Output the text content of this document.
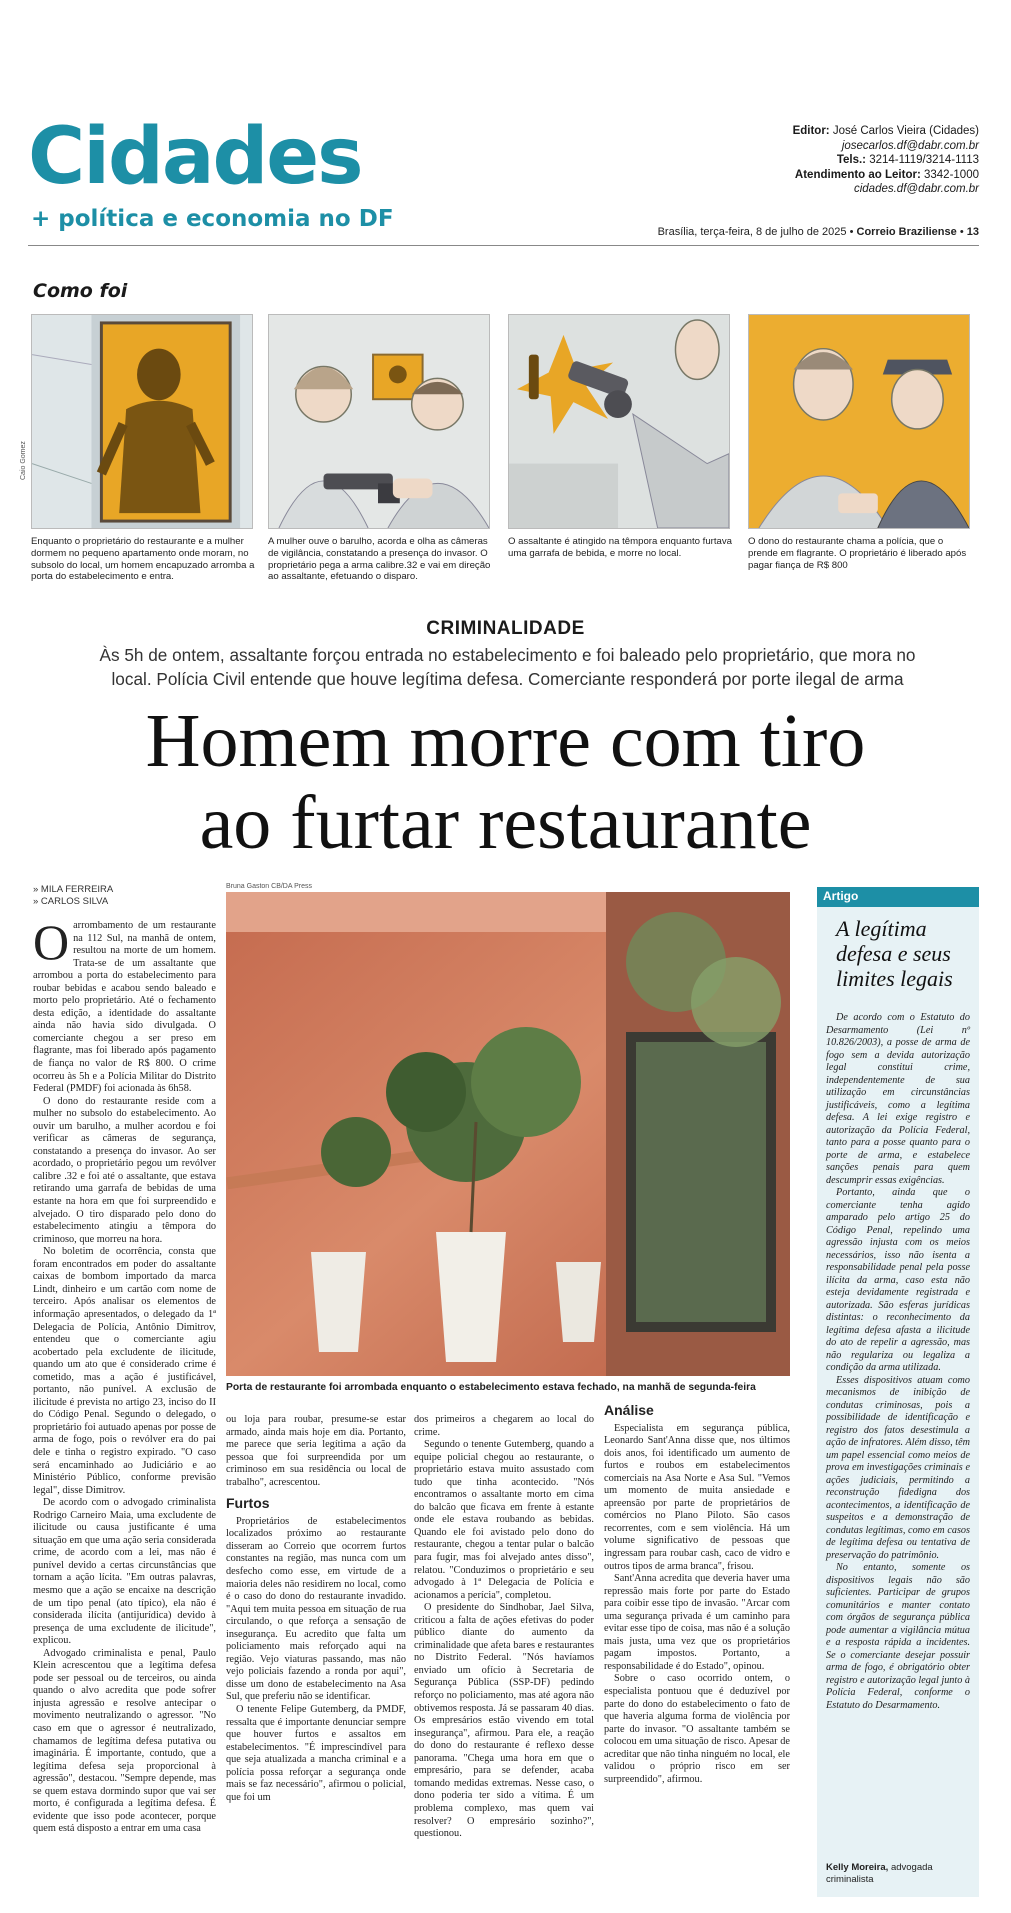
Cidades
+ política e economia no DF
Editor: José Carlos Vieira (Cidades)
josecarlos.df@dabr.com.br
Tels.: 3214-1119/3214-1113
Atendimento ao Leitor: 3342-1000
cidades.df@dabr.com.br
Brasília, terça-feira, 8 de julho de 2025 • Correio Braziliense • 13
Como foi
Caio Gomez
Enquanto o proprietário do restaurante e a mulher dormem no pequeno apartamento onde moram, no subsolo do local, um homem encapuzado arromba a porta do estabelecimento e entra.
A mulher ouve o barulho, acorda e olha as câmeras de vigilância, constatando a presença do invasor. O proprietário pega a arma calibre.32 e vai em direção ao assaltante, efetuando o disparo.
O assaltante é atingido na têmpora enquanto furtava uma garrafa de bebida, e morre no local.
O dono do restaurante chama a polícia, que o prende em flagrante. O proprietário é liberado após pagar fiança de R$ 800
CRIMINALIDADE
Às 5h de ontem, assaltante forçou entrada no estabelecimento e foi baleado pelo proprietário, que mora no local. Polícia Civil entende que houve legítima defesa. Comerciante responderá por porte ilegal de arma
Homem morre com tiro
ao furtar restaurante
» MILA FERREIRA
» CARLOS SILVA
Bruna Gaston CB/DA Press
Porta de restaurante foi arrombada enquanto o estabelecimento estava fechado, na manhã de segunda-feira

Oarrombamento de um restaurante na 112 Sul, na manhã de ontem, resultou na morte de um homem. Trata-se de um assaltante que arrombou a porta do estabelecimento para roubar bebidas e acabou sendo baleado e morto pelo proprietário. Até o fechamento desta edição, a identidade do assaltante ainda não havia sido divulgada. O comerciante chegou a ser preso em flagrante, mas foi liberado após pagamento de fiança no valor de R$ 800. O crime ocorreu às 5h e a Polícia Militar do Distrito Federal (PMDF) foi acionada às 6h58.

O dono do restaurante reside com a mulher no subsolo do estabelecimento. Ao ouvir um barulho, a mulher acordou e foi verificar as câmeras de segurança, constatando a presença do invasor. Ao ser acordado, o proprietário pegou um revólver calibre .32 e foi até o assaltante, que estava retirando uma garrafa de bebidas de uma estante na hora em que foi surpreendido e alvejado. O tiro disparado pelo dono do estabelecimento atingiu a têmpora do criminoso, que morreu na hora.

No boletim de ocorrência, consta que foram encontrados em poder do assaltante caixas de bombom importado da marca Lindt, dinheiro e um cartão com nome de terceiro. Após analisar os elementos de informação apresentados, o delegado da 1ª Delegacia de Polícia, Antônio Dimitrov, entendeu que o comerciante agiu acobertado pela excludente de ilicitude, quando um ato que é considerado crime é cometido, mas a ação é justificável, portanto, não punível. A exclusão de ilicitude é prevista no artigo 23, inciso do II do Código Penal. Segundo o delegado, o proprietário foi autuado apenas por posse de arma de fogo, pois o revólver era do pai dele e tinha o registro expirado. "O caso será encaminhado ao Judiciário e ao Ministério Público, conforme previsão legal", disse Dimitrov.

De acordo com o advogado criminalista Rodrigo Carneiro Maia, uma excludente de ilicitude ou causa justificante é uma situação em que uma ação seria considerada crime, de acordo com a lei, mas não é punível devido a certas circunstâncias que tornam a ação lícita. "Em outras palavras, mesmo que a ação se encaixe na descrição de um tipo penal (ato típico), ela não é considerada ilícita (antijurídica) devido à presença de uma excludente de ilicitude", explicou.

Advogado criminalista e penal, Paulo Klein acrescentou que a legítima defesa pode ser pessoal ou de terceiros, ou ainda quando o alvo acredita que pode sofrer injusta agressão e resolve antecipar o movimento neutralizando o agressor. "No caso em que o agressor é neutralizado, chamamos de legítima defesa putativa ou imaginária. É importante, contudo, que a legítima defesa seja proporcional à agressão", destacou. "Sempre depende, mas se quem estava dormindo supor que vai ser morto, é configurada a legítima defesa. É evidente que isso pode acontecer, porque quem está disposto a entrar em uma casa

ou loja para roubar, presume-se estar armado, ainda mais hoje em dia. Portanto, me parece que seria legítima a ação da pessoa que foi surpreendida por um criminoso em sua residência ou local de trabalho", acrescentou.

Furtos

Proprietários de estabelecimentos localizados próximo ao restaurante disseram ao Correio que ocorrem furtos constantes na região, mas nunca com um desfecho como esse, em virtude de a maioria deles não residirem no local, como é o caso do dono do restaurante invadido. "Aqui tem muita pessoa em situação de rua circulando, o que reforça a sensação de insegurança. Eu acredito que falta um policiamento mais reforçado aqui na região. Vejo viaturas passando, mas não vejo policiais fazendo a ronda por aqui", disse um dono de estabelecimento na Asa Sul, que preferiu não se identificar.

O tenente Felipe Gutemberg, da PMDF, ressalta que é importante denunciar sempre que houver furtos e assaltos em estabelecimentos. "É imprescindível para que seja atualizada a mancha criminal e a polícia possa reforçar a segurança onde mais se faz necessário", afirmou o policial, que foi um

dos primeiros a chegarem ao local do crime.

Segundo o tenente Gutemberg, quando a equipe policial chegou ao restaurante, o proprietário estava muito assustado com tudo que tinha acontecido. "Nós encontramos o assaltante morto em cima do balcão que ficava em frente à estante onde ele estava roubando as bebidas. Quando ele foi avistado pelo dono do restaurante, chegou a tentar pular o balcão para fugir, mas foi alvejado antes disso", relatou. "Conduzimos o proprietário e seu advogado à 1ª Delegacia de Polícia e acionamos a perícia", completou.

O presidente do Sindhobar, Jael Silva, criticou a falta de ações efetivas do poder público diante do aumento da criminalidade que afeta bares e restaurantes no Distrito Federal. "Nós havíamos enviado um ofício à Secretaria de Segurança Pública (SSP-DF) pedindo reforço no policiamento, mas até agora não obtivemos resposta. Já se passaram 40 dias. Os empresários estão vivendo em total insegurança", afirmou. Para ele, a reação do dono do restaurante é reflexo desse panorama. "Chega uma hora em que o empresário, para se defender, acaba tomando medidas extremas. Nesse caso, o dono poderia ter sido a vítima. É um problema complexo, mas quem vai resolver? O empresário sozinho?", questionou.

Análise

Especialista em segurança pública, Leonardo Sant'Anna disse que, nos últimos dois anos, foi identificado um aumento de furtos e roubos em estabelecimentos comerciais na Asa Norte e Asa Sul. "Vemos um momento de muita ansiedade e apreensão por parte de proprietários de comércios no Plano Piloto. São casos recorrentes, com e sem violência. Há um volume significativo de pessoas que ingressam para roubar cash, caco de vidro e outros tipos de arma branca", frisou.

Sant'Anna acredita que deveria haver uma repressão mais forte por parte do Estado para coibir esse tipo de invasão. "Arcar com uma segurança privada é um caminho para evitar esse tipo de coisa, mas não é a solução mais justa, uma vez que os proprietários pagam impostos. Portanto, a responsabilidade é do Estado", opinou.

Sobre o caso ocorrido ontem, o especialista pontuou que é deduzível por parte do dono do estabelecimento o fato de que haveria alguma forma de violência por parte do invasor. "O assaltante também se colocou em uma situação de risco. Apesar de acreditar que não tinha ninguém no local, ele validou o próprio risco em ser surpreendido", afirmou.

Artigo
A legítima defesa e seus limites legais

De acordo com o Estatuto do Desarmamento (Lei nº 10.826/2003), a posse de arma de fogo sem a devida autorização legal constitui crime, independentemente de sua utilização em circunstâncias justificáveis, como a legítima defesa. A lei exige registro e autorização da Polícia Federal, tanto para a posse quanto para o porte de arma, e estabelece sanções penais para quem descumprir essas exigências.

Portanto, ainda que o comerciante tenha agido amparado pelo artigo 25 do Código Penal, repelindo uma agressão injusta com os meios necessários, isso não isenta a responsabilidade penal pela posse ilícita da arma, caso esta não esteja devidamente registrada e autorizada. São esferas jurídicas distintas: o reconhecimento da legítima defesa afasta a ilicitude do ato de repelir a agressão, mas não regulariza ou legaliza a condição da arma utilizada.

Esses dispositivos atuam como mecanismos de inibição de condutas criminosas, pois a possibilidade de identificação e registro dos fatos desestimula a ação de infratores. Além disso, têm um papel essencial como meios de prova em investigações criminais e ações judiciais, permitindo a reconstrução fidedigna dos acontecimentos, a identificação de suspeitos e a demonstração de condutas legítimas, como em casos de legítima defesa ou tentativa de preservação do patrimônio.

No entanto, somente os dispositivos legais não são suficientes. Participar de grupos comunitários e manter contato com órgãos de segurança pública pode aumentar a vigilância mútua e a resposta rápida a incidentes. Se o comerciante desejar possuir arma de fogo, é obrigatório obter registro e autorização legal junto à Polícia Federal, conforme o Estatuto do Desarmamento.

Kelly Moreira, advogada criminalista
